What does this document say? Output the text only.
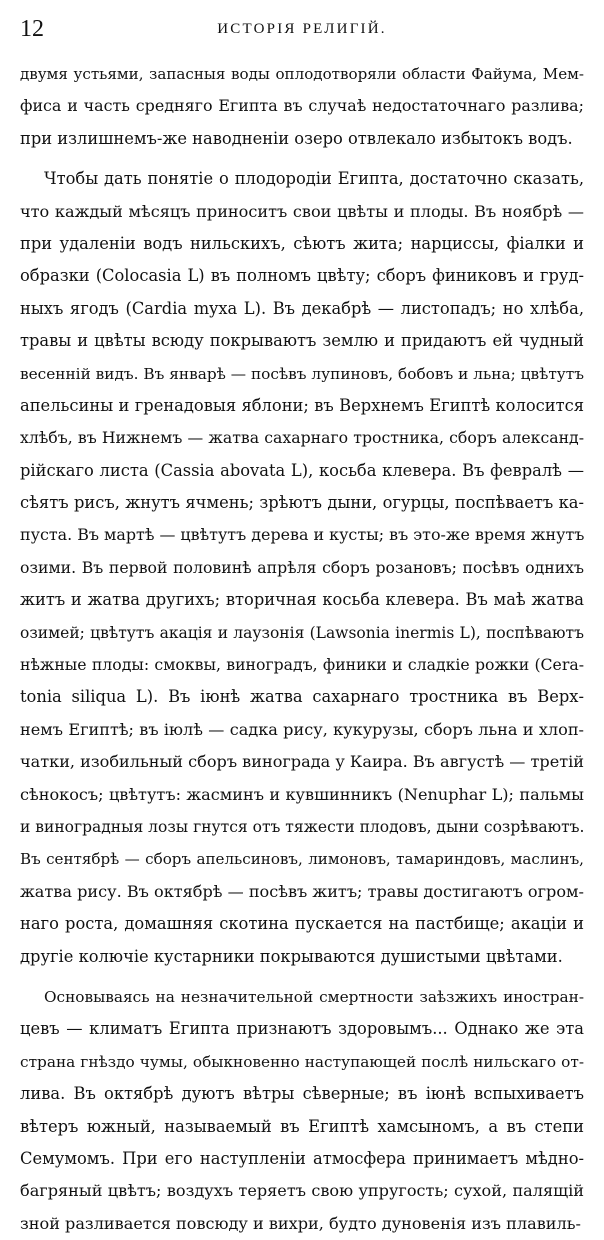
12	ИСТОРІЯ РЕЛИГІЙ.
двумя устьями, запасныя воды оплодотворяли области Файума, Мем-
фиса и часть средняго Египта въ случаѣ недостаточнаго разлива;
при излишнемъ-же наводненіи озеро отвлекало избытокъ водъ.
Чтобы дать понятіе о плодородіи Египта, достаточно сказать,
что каждый мѣсяцъ приноситъ свои цвѣты и плоды. Въ ноябрѣ —
при удаленіи водъ нильскихъ, сѣютъ жита; нарциссы, фіалки и
образки (Colocasia L) въ полномъ цвѣту; сборъ финиковъ и груд-
ныхъ ягодъ (Cardia myxa L). Въ декабрѣ — листопадъ; но хлѣба,
травы и цвѣты всюду покрываютъ землю и придаютъ ей чудный
весенній видъ. Въ январѣ — посѣвъ лупиновъ, бобовъ и льна; цвѣтутъ
апельсины и гренадовыя яблони; въ Верхнемъ Египтѣ колосится
хлѣбъ, въ Нижнемъ — жатва сахарнаго тростника, сборъ александ-
рійскаго листа (Cassia abovata L), косьба клевера. Въ февралѣ —
сѣятъ рисъ, жнутъ ячмень; зрѣютъ дыни, огурцы, поспѣваетъ ка-
пуста. Въ мартѣ — цвѣтутъ дерева и кусты; въ это-же время жнутъ
озими. Въ первой половинѣ апрѣля сборъ розановъ; посѣвъ однихъ
житъ и жатва другихъ; вторичная косьба клевера. Въ маѣ жатва
озимей; цвѣтутъ акація и лаузонія (Lawsonia inermis L), поспѣваютъ
нѣжные плоды: смоквы, виноградъ, финики и сладкіе рожки (Cera-
tonia siliqua L). Въ іюнѣ жатва сахарнаго тростника въ Верх-
немъ Египтѣ; въ іюлѣ — садка рису, кукурузы, сборъ льна и хлоп-
чатки, изобильный сборъ винограда у Каира. Въ августѣ — третій
сѣнокосъ; цвѣтутъ: жасминъ и кувшинникъ (Nenuphar L); пальмы
и виноградныя лозы гнутся отъ тяжести плодовъ, дыни созрѣваютъ.
Въ сентябрѣ — сборъ апельсиновъ, лимоновъ, тамариндовъ, маслинъ,
жатва рису. Въ октябрѣ — посѣвъ житъ; травы достигаютъ огром-
наго роста, домашняя скотина пускается на пастбище; акаціи и
другіе колючіе кустарники покрываются душистыми цвѣтами.
Основываясь на незначительной смертности заѣзжихъ иностран-
цевъ — климатъ Египта признаютъ здоровымъ... Однако же эта
страна гнѣздо чумы, обыкновенно наступающей послѣ нильскаго от-
лива. Въ октябрѣ дуютъ вѣтры сѣверные; въ іюнѣ вспыхиваетъ
вѣтеръ южный, называемый въ Египтѣ хамсыномъ, а въ степи
Семумомъ. При его наступленіи атмосфера принимаетъ мѣдно-
багряный цвѣтъ; воздухъ теряетъ свою упругость; сухой, палящій
зной разливается повсюду и вихри, будто дуновенія изъ плавиль-
